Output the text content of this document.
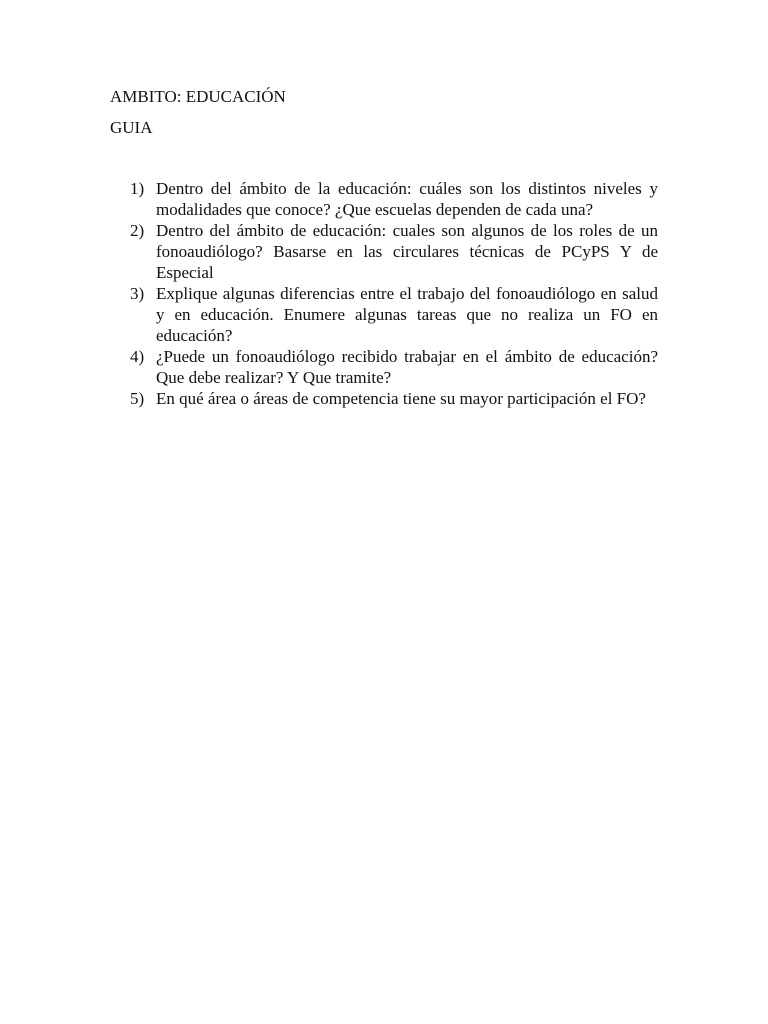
AMBITO: EDUCACIÓN

GUIA

1) Dentro del ámbito de la educación: cuáles son los distintos niveles y modalidades que conoce? ¿Que escuelas dependen de cada una?
2) Dentro del ámbito de educación: cuales son algunos de los roles de un fonoaudiólogo? Basarse en las circulares técnicas de PCyPS Y de Especial
3) Explique algunas diferencias entre el trabajo del fonoaudiólogo en salud y en educación. Enumere algunas tareas que no realiza un FO en educación?
4) ¿Puede un fonoaudiólogo recibido trabajar en el ámbito de educación? Que debe realizar? Y Que tramite?
5) En qué área o áreas de competencia tiene su mayor participación el FO?
